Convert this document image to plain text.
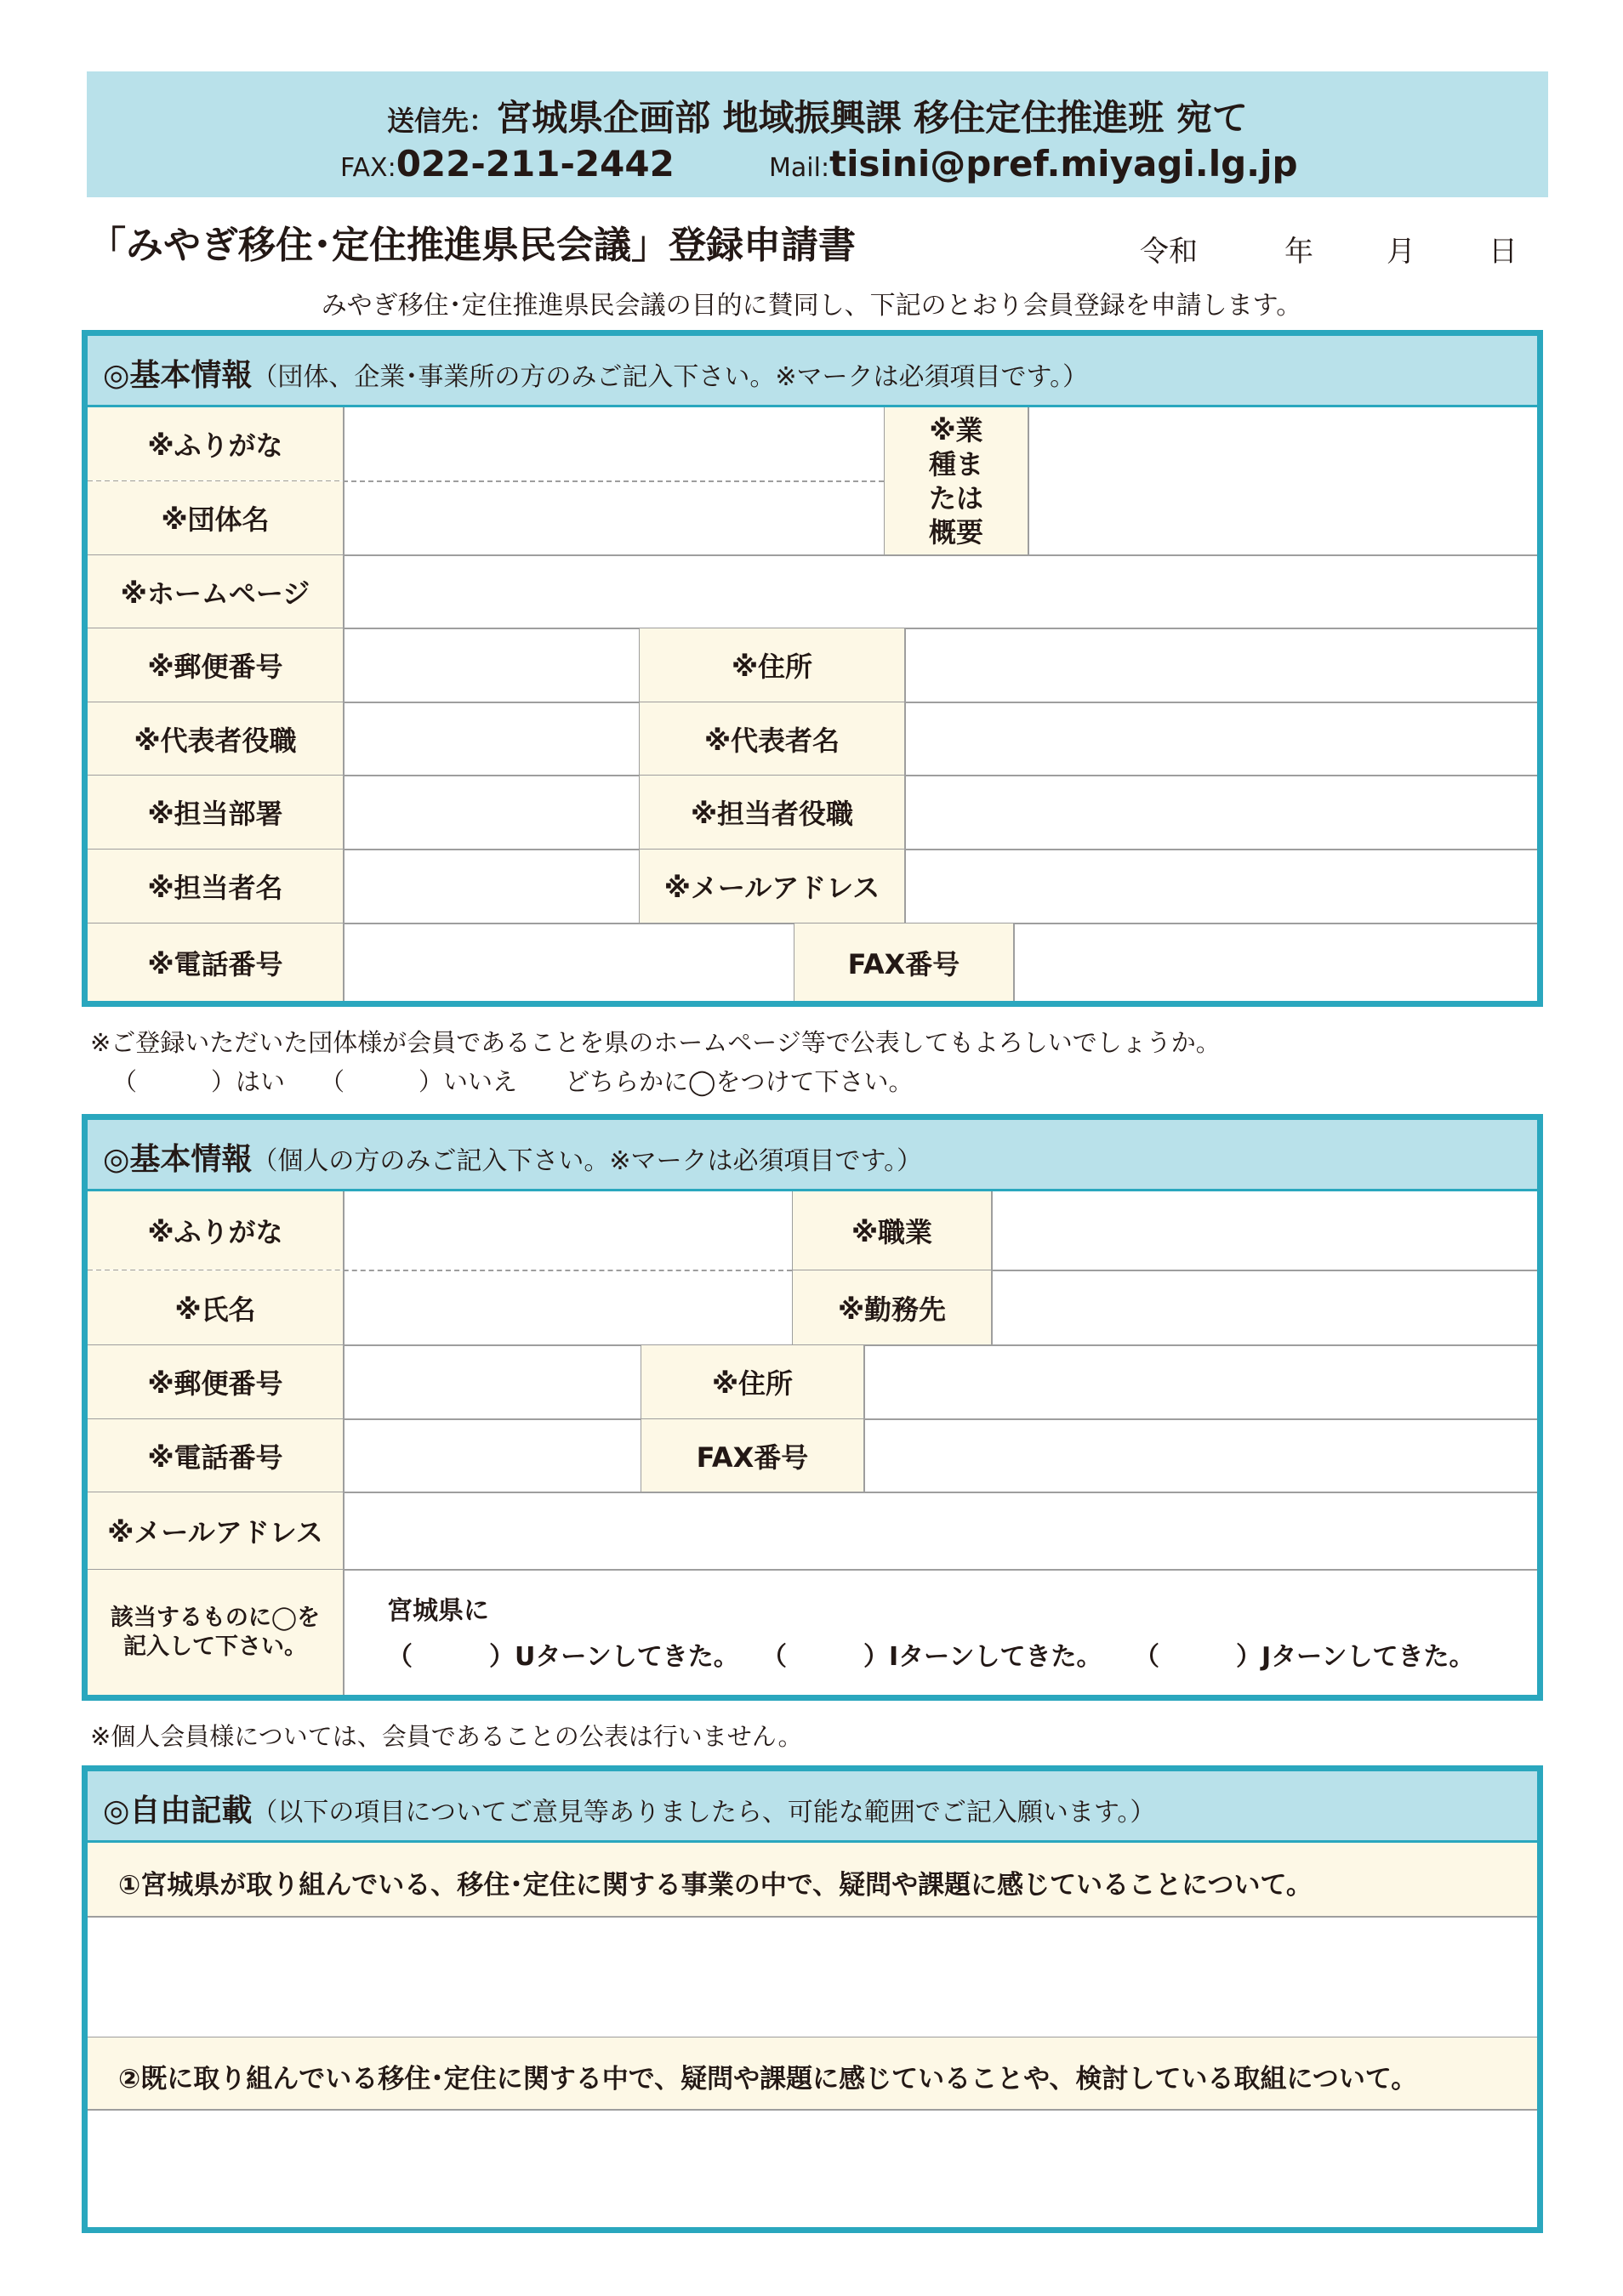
送信先：宮城県企画部 地域振興課 移住定住推進班 宛て
FAX:022-211-2442	Mail:tisini@pref.miyagi.lg.jp
「みやぎ移住･定住推進県民会議」登録申請書	令和	年	月	日
みやぎ移住･定住推進県民会議の目的に賛同し、下記のとおり会員登録を申請します。
◎基本情報（団体、企業･事業所の方のみご記入下さい。※マークは必須項目です。）
※ふりがな
※団体名
※業種または概要
※ホームページ
※郵便番号	※住所
※代表者役職	※代表者名
※担当部署	※担当者役職
※担当者名	※メールアドレス
※電話番号	FAX番号
※ご登録いただいた団体様が会員であることを県のホームページ等で公表してもよろしいでしょうか。
（　　　）はい （　　　）いいえ どちらかに◯をつけて下さい。
◎基本情報（個人の方のみご記入下さい。※マークは必須項目です。）
※ふりがな
※氏名
※職業
※勤務先
※郵便番号	※住所
※電話番号	FAX番号
※メールアドレス
該当するものに◯を記入して下さい。
宮城県に
（　　　）Uターンしてきた。 （　　　）Iターンしてきた。 （　　　）Jターンしてきた。
※個人会員様については、会員であることの公表は行いません。
◎自由記載（以下の項目についてご意見等ありましたら、可能な範囲でご記入願います。）
①宮城県が取り組んでいる、移住･定住に関する事業の中で、疑問や課題に感じていることについて。
②既に取り組んでいる移住･定住に関する中で、疑問や課題に感じていることや、検討している取組について。
